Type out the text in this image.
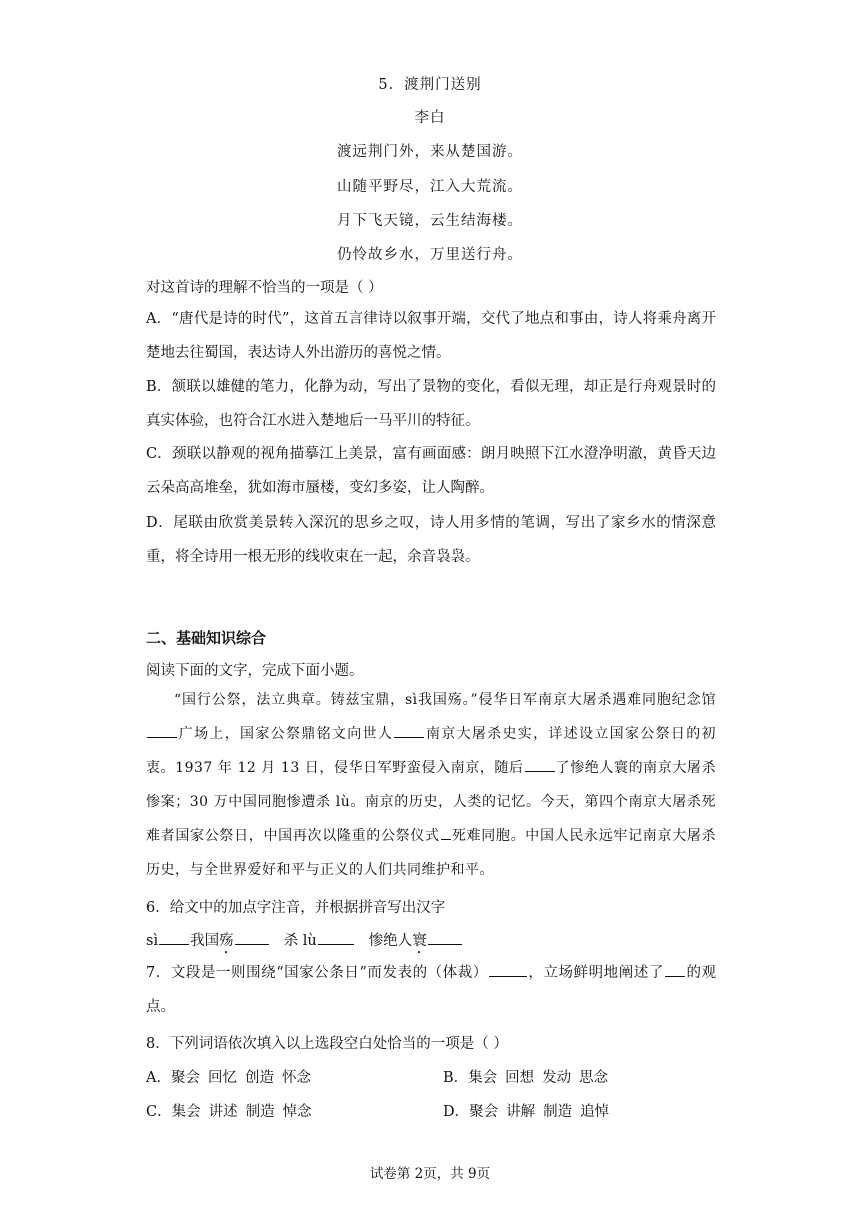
5．渡荆门送别
李白
渡远荆门外，来从楚国游。
山随平野尽，江入大荒流。
月下飞天镜，云生结海楼。
仍怜故乡水，万里送行舟。
对这首诗的理解不恰当的一项是（ ）
A．“唐代是诗的时代”，这首五言律诗以叙事开端，交代了地点和事由，诗人将乘舟离开楚地去往蜀国，表达诗人外出游历的喜悦之情。
B．颔联以雄健的笔力，化静为动，写出了景物的变化，看似无理，却正是行舟观景时的真实体验，也符合江水进入楚地后一马平川的特征。
C．颈联以静观的视角描摹江上美景，富有画面感：朗月映照下江水澄净明澈，黄昏天边云朵高高堆垒，犹如海市蜃楼，变幻多姿，让人陶醉。
D．尾联由欣赏美景转入深沉的思乡之叹，诗人用多情的笔调，写出了家乡水的情深意重，将全诗用一根无形的线收束在一起，余音袅袅。
二、基础知识综合
阅读下面的文字，完成下面小题。
“国行公祭，法立典章。铸兹宝鼎，sì我国殇。”侵华日军南京大屠杀遇难同胞纪念馆广场上，国家公祭鼎铭文向世人 南京大屠杀史实，详述设立国家公祭日的初衷。1937 年 12 月 13 日，侵华日军野蛮侵入南京，随后 了惨绝人寰的南京大屠杀惨案；30 万中国同胞惨遭杀 lù。南京的历史，人类的记忆。今天，第四个南京大屠杀死难者国家公祭日，中国再次以隆重的公祭仪式 死难同胞。中国人民永远牢记南京大屠杀历史，与全世界爱好和平与正义的人们共同维护和平。
6．给文中的加点字注音，并根据拼音写出汉字
sì 我国殇	杀 lù	惨绝人寰
7．文段是一则围绕“国家公条日”而发表的（体裁）	，立场鲜明地阐述了 的观点。
8．下列词语依次填入以上选段空白处恰当的一项是（ ）
A．聚会 回忆 创造 怀念	B．集会 回想 发动 思念
C．集会 讲述 制造 悼念	D．聚会 讲解 制造 追悼
试卷第 2页，共 9页
